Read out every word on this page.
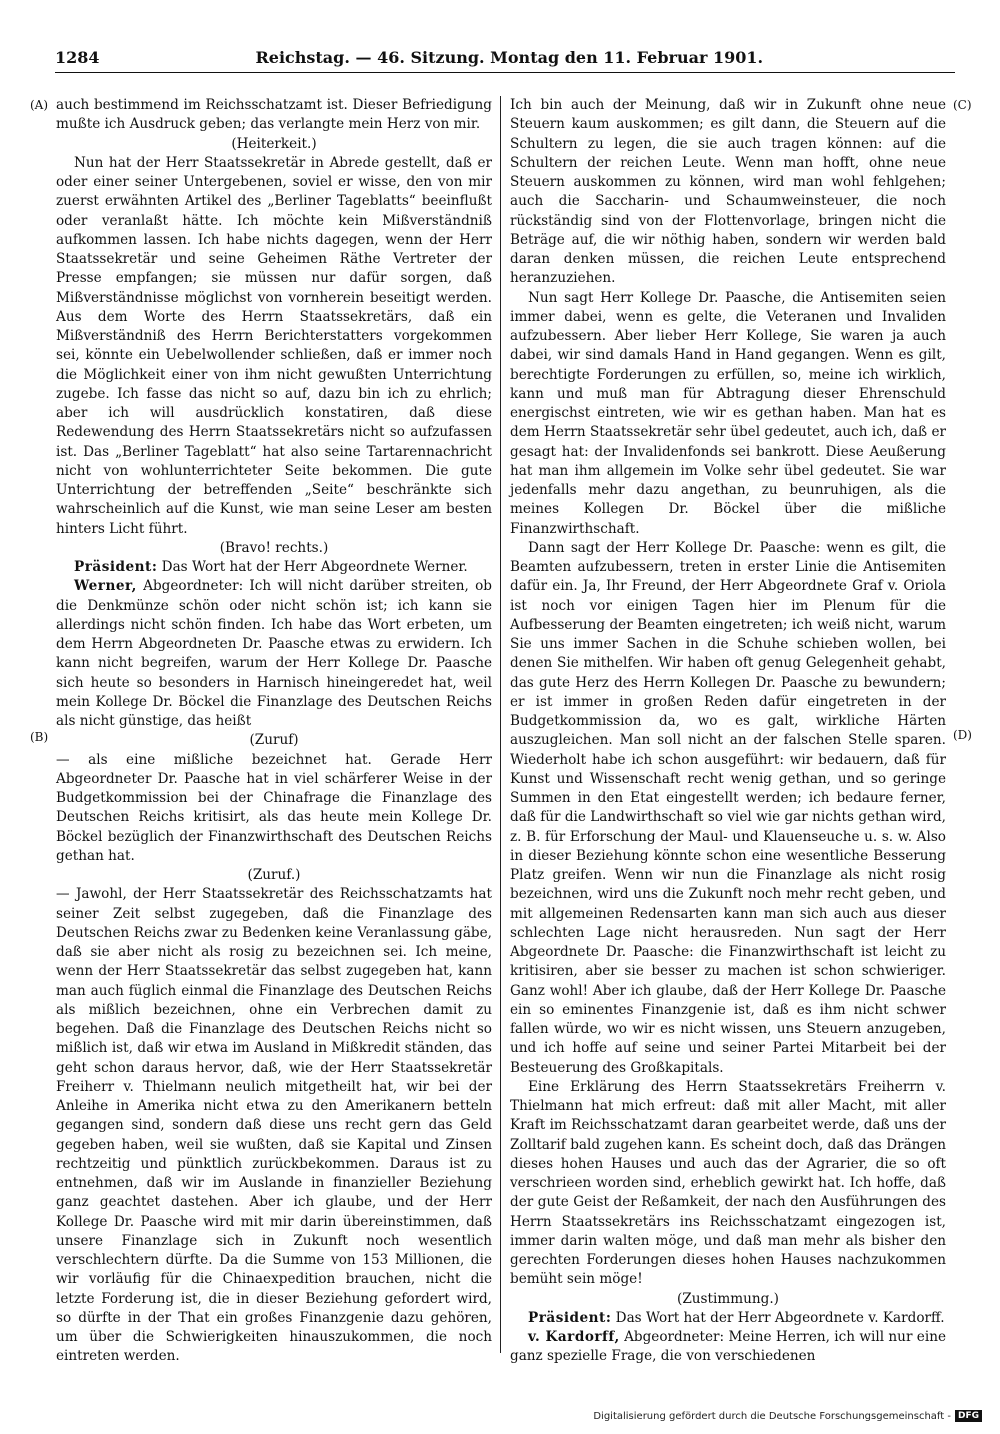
1284	Reichstag. — 46. Sitzung. Montag den 11. Februar 1901.
(A)
(B)
(C)
(D)

auch bestimmend im Reichsschatzamt ist. Dieser Befriedigung mußte ich Ausdruck geben; das verlangte mein Herz von mir.

(Heiterkeit.)

Nun hat der Herr Staatssekretär in Abrede gestellt, daß er oder einer seiner Untergebenen, soviel er wisse, den von mir zuerst erwähnten Artikel des „Berliner Tageblatts“ beeinflußt oder veranlaßt hätte. Ich möchte kein Mißverständniß aufkommen lassen. Ich habe nichts dagegen, wenn der Herr Staatssekretär und seine Geheimen Räthe Vertreter der Presse empfangen; sie müssen nur dafür sorgen, daß Mißverständnisse möglichst von vornherein beseitigt werden. Aus dem Worte des Herrn Staatssekretärs, daß ein Mißverständniß des Herrn Berichterstatters vorgekommen sei, könnte ein Uebelwollender schließen, daß er immer noch die Möglichkeit einer von ihm nicht gewußten Unterrichtung zugebe. Ich fasse das nicht so auf, dazu bin ich zu ehrlich; aber ich will ausdrücklich konstatiren, daß diese Redewendung des Herrn Staatssekretärs nicht so aufzufassen ist. Das „Berliner Tageblatt“ hat also seine Tartarennachricht nicht von wohlunterrichteter Seite bekommen. Die gute Unterrichtung der betreffenden „Seite“ beschränkte sich wahrscheinlich auf die Kunst, wie man seine Leser am besten hinters Licht führt.

(Bravo! rechts.)

Präsident: Das Wort hat der Herr Abgeordnete Werner.

Werner, Abgeordneter: Ich will nicht darüber streiten, ob die Denkmünze schön oder nicht schön ist; ich kann sie allerdings nicht schön finden. Ich habe das Wort erbeten, um dem Herrn Abgeordneten Dr. Paasche etwas zu erwidern. Ich kann nicht begreifen, warum der Herr Kollege Dr. Paasche sich heute so besonders in Harnisch hineingeredet hat, weil mein Kollege Dr. Böckel die Finanzlage des Deutschen Reichs als nicht günstige, das heißt

(Zuruf)

— als eine mißliche bezeichnet hat. Gerade Herr Abgeordneter Dr. Paasche hat in viel schärferer Weise in der Budgetkommission bei der Chinafrage die Finanzlage des Deutschen Reichs kritisirt, als das heute mein Kollege Dr. Böckel bezüglich der Finanzwirthschaft des Deutschen Reichs gethan hat.

(Zuruf.)

— Jawohl, der Herr Staatssekretär des Reichsschatzamts hat seiner Zeit selbst zugegeben, daß die Finanzlage des Deutschen Reichs zwar zu Bedenken keine Veranlassung gäbe, daß sie aber nicht als rosig zu bezeichnen sei. Ich meine, wenn der Herr Staatssekretär das selbst zugegeben hat, kann man auch füglich einmal die Finanzlage des Deutschen Reichs als mißlich bezeichnen, ohne ein Verbrechen damit zu begehen. Daß die Finanzlage des Deutschen Reichs nicht so mißlich ist, daß wir etwa im Ausland in Mißkredit ständen, das geht schon daraus hervor, daß, wie der Herr Staatssekretär Freiherr v. Thielmann neulich mitgetheilt hat, wir bei der Anleihe in Amerika nicht etwa zu den Amerikanern betteln gegangen sind, sondern daß diese uns recht gern das Geld gegeben haben, weil sie wußten, daß sie Kapital und Zinsen rechtzeitig und pünktlich zurückbekommen. Daraus ist zu entnehmen, daß wir im Auslande in finanzieller Beziehung ganz geachtet dastehen. Aber ich glaube, und der Herr Kollege Dr. Paasche wird mit mir darin übereinstimmen, daß unsere Finanzlage sich in Zukunft noch wesentlich verschlechtern dürfte. Da die Summe von 153 Millionen, die wir vorläufig für die Chinaexpedition brauchen, nicht die letzte Forderung ist, die in dieser Beziehung gefordert wird, so dürfte in der That ein großes Finanzgenie dazu gehören, um über die Schwierigkeiten hinauszukommen, die noch eintreten werden.

Ich bin auch der Meinung, daß wir in Zukunft ohne neue Steuern kaum auskommen; es gilt dann, die Steuern auf die Schultern zu legen, die sie auch tragen können: auf die Schultern der reichen Leute. Wenn man hofft, ohne neue Steuern auskommen zu können, wird man wohl fehlgehen; auch die Saccharin- und Schaumweinsteuer, die noch rückständig sind von der Flottenvorlage, bringen nicht die Beträge auf, die wir nöthig haben, sondern wir werden bald daran denken müssen, die reichen Leute entsprechend heranzuziehen.

Nun sagt Herr Kollege Dr. Paasche, die Antisemiten seien immer dabei, wenn es gelte, die Veteranen und Invaliden aufzubessern. Aber lieber Herr Kollege, Sie waren ja auch dabei, wir sind damals Hand in Hand gegangen. Wenn es gilt, berechtigte Forderungen zu erfüllen, so, meine ich wirklich, kann und muß man für Abtragung dieser Ehrenschuld energischst eintreten, wie wir es gethan haben. Man hat es dem Herrn Staatssekretär sehr übel gedeutet, auch ich, daß er gesagt hat: der Invalidenfonds sei bankrott. Diese Aeußerung hat man ihm allgemein im Volke sehr übel gedeutet. Sie war jedenfalls mehr dazu angethan, zu beunruhigen, als die meines Kollegen Dr. Böckel über die mißliche Finanzwirthschaft.

Dann sagt der Herr Kollege Dr. Paasche: wenn es gilt, die Beamten aufzubessern, treten in erster Linie die Antisemiten dafür ein. Ja, Ihr Freund, der Herr Abgeordnete Graf v. Oriola ist noch vor einigen Tagen hier im Plenum für die Aufbesserung der Beamten eingetreten; ich weiß nicht, warum Sie uns immer Sachen in die Schuhe schieben wollen, bei denen Sie mithelfen. Wir haben oft genug Gelegenheit gehabt, das gute Herz des Herrn Kollegen Dr. Paasche zu bewundern; er ist immer in großen Reden dafür eingetreten in der Budgetkommission da, wo es galt, wirkliche Härten auszugleichen. Man soll nicht an der falschen Stelle sparen. Wiederholt habe ich schon ausgeführt: wir bedauern, daß für Kunst und Wissenschaft recht wenig gethan, und so geringe Summen in den Etat eingestellt werden; ich bedaure ferner, daß für die Landwirthschaft so viel wie gar nichts gethan wird, z. B. für Erforschung der Maul- und Klauenseuche u. s. w. Also in dieser Beziehung könnte schon eine wesentliche Besserung Platz greifen. Wenn wir nun die Finanzlage als nicht rosig bezeichnen, wird uns die Zukunft noch mehr recht geben, und mit allgemeinen Redensarten kann man sich auch aus dieser schlechten Lage nicht herausreden. Nun sagt der Herr Abgeordnete Dr. Paasche: die Finanzwirthschaft ist leicht zu kritisiren, aber sie besser zu machen ist schon schwieriger. Ganz wohl! Aber ich glaube, daß der Herr Kollege Dr. Paasche ein so eminentes Finanzgenie ist, daß es ihm nicht schwer fallen würde, wo wir es nicht wissen, uns Steuern anzugeben, und ich hoffe auf seine und seiner Partei Mitarbeit bei der Besteuerung des Großkapitals.

Eine Erklärung des Herrn Staatssekretärs Freiherrn v. Thielmann hat mich erfreut: daß mit aller Macht, mit aller Kraft im Reichsschatzamt daran gearbeitet werde, daß uns der Zolltarif bald zugehen kann. Es scheint doch, daß das Drängen dieses hohen Hauses und auch das der Agrarier, die so oft verschrieen worden sind, erheblich gewirkt hat. Ich hoffe, daß der gute Geist der Reßamkeit, der nach den Ausführungen des Herrn Staatssekretärs ins Reichsschatzamt eingezogen ist, immer darin walten möge, und daß man mehr als bisher den gerechten Forderungen dieses hohen Hauses nachzukommen bemüht sein möge!

(Zustimmung.)

Präsident: Das Wort hat der Herr Abgeordnete v. Kardorff.

v. Kardorff, Abgeordneter: Meine Herren, ich will nur eine ganz spezielle Frage, die von verschiedenen

Digitalisierung gefördert durch die Deutsche Forschungsgemeinschaft - DFG
